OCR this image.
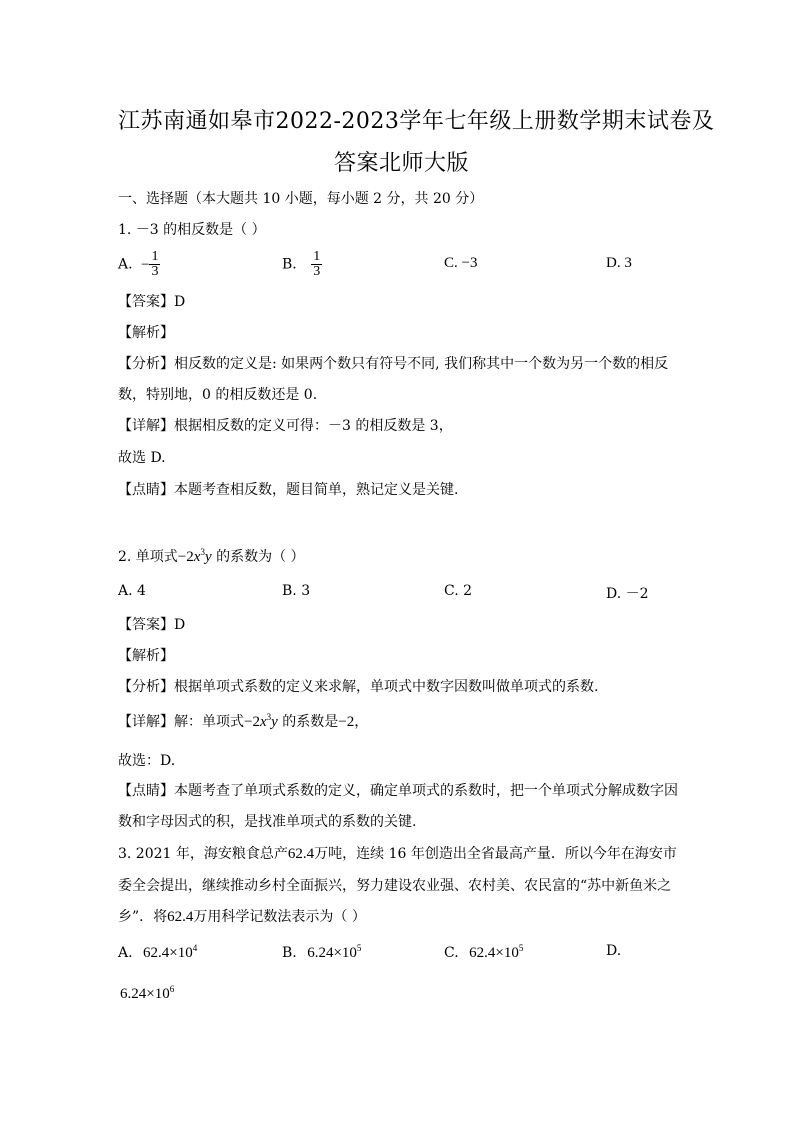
江苏南通如皋市2022-2023学年七年级上册数学期末试卷及
答案北师大版
一、选择题（本大题共 10 小题，每小题 2 分，共 20 分）
1. －3 的相反数是（ ）
A. − $\frac{1}{3}$	B. $\frac{1}{3}$	C. −3	D. 3
【答案】D
【解析】
【分析】相反数的定义是: 如果两个数只有符号不同, 我们称其中一个数为另一个数的相反
数，特别地，0 的相反数还是 0.
【详解】根据相反数的定义可得：－3 的相反数是 3，
故选 D.
【点睛】本题考查相反数，题目简单，熟记定义是关键.
2. 单项式$-2x^3y$ 的系数为（ ）
A. 4	B. 3	C. 2	D. －2
【答案】D
【解析】
【分析】根据单项式系数的定义来求解，单项式中数字因数叫做单项式的系数.
【详解】解：单项式$-2x^3y$ 的系数是−2，
故选：D.
【点睛】本题考查了单项式系数的定义，确定单项式的系数时，把一个单项式分解成数字因
数和字母因式的积，是找准单项式的系数的关键.
3. 2021 年，海安粮食总产62.4万吨，连续 16 年创造出全省最高产量．所以今年在海安市
委全会提出，继续推动乡村全面振兴，努力建设农业强、农村美、农民富的“苏中新鱼米之
乡”．将62.4万用科学记数法表示为（ ）
A. $62.4\times 10^4$	B. $6.24\times 10^5$	C. $62.4\times 10^5$	D.
$6.24\times 10^6$
